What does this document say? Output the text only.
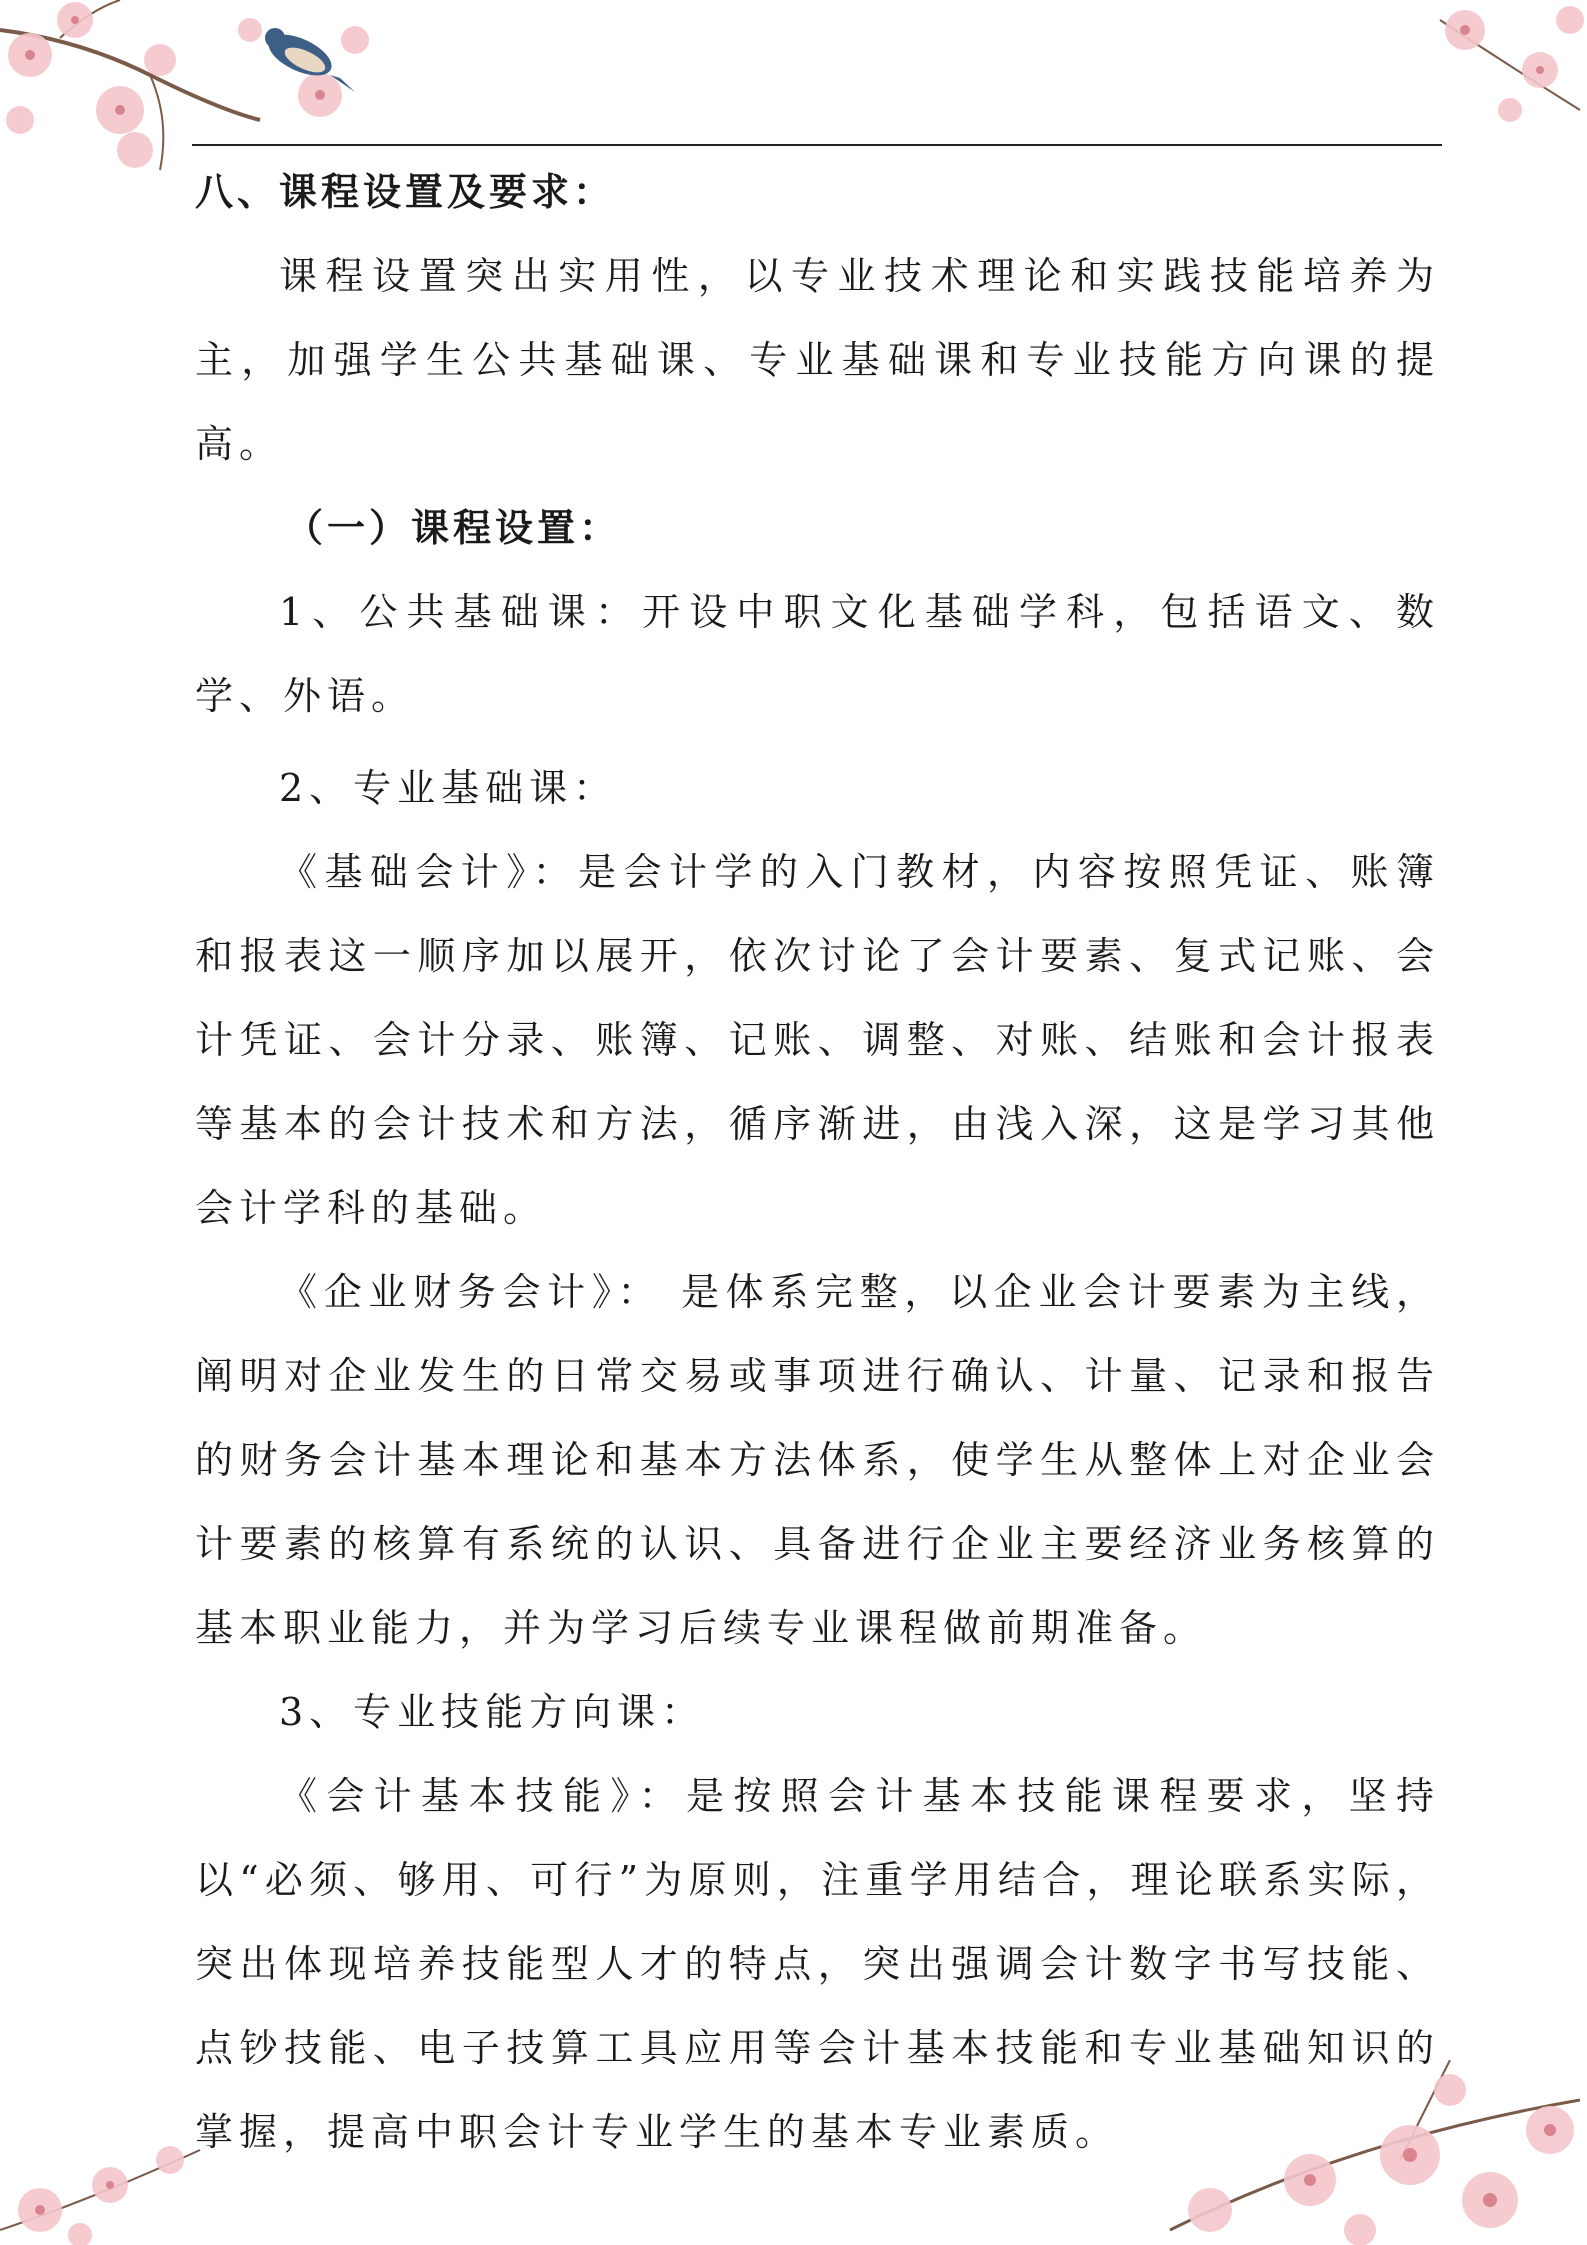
八、课程设置及要求：

课程设置突出实用性，以专业技术理论和实践技能培养为主，加强学生公共基础课、专业基础课和专业技能方向课的提高。

（一）课程设置：

1、公共基础课：开设中职文化基础学科，包括语文、数学、外语。

2、专业基础课：

《基础会计》：是会计学的入门教材，内容按照凭证、账簿和报表这一顺序加以展开，依次讨论了会计要素、复式记账、会计凭证、会计分录、账簿、记账、调整、对账、结账和会计报表等基本的会计技术和方法，循序渐进，由浅入深，这是学习其他会计学科的基础。

《企业财务会计》： 是体系完整，以企业会计要素为主线，阐明对企业发生的日常交易或事项进行确认、计量、记录和报告的财务会计基本理论和基本方法体系，使学生从整体上对企业会计要素的核算有系统的认识、具备进行企业主要经济业务核算的基本职业能力，并为学习后续专业课程做前期准备。

3、专业技能方向课：

《会计基本技能》：是按照会计基本技能课程要求，坚持以“必须、够用、可行”为原则，注重学用结合，理论联系实际，突出体现培养技能型人才的特点，突出强调会计数字书写技能、点钞技能、电子技算工具应用等会计基本技能和专业基础知识的掌握，提高中职会计专业学生的基本专业素质。
